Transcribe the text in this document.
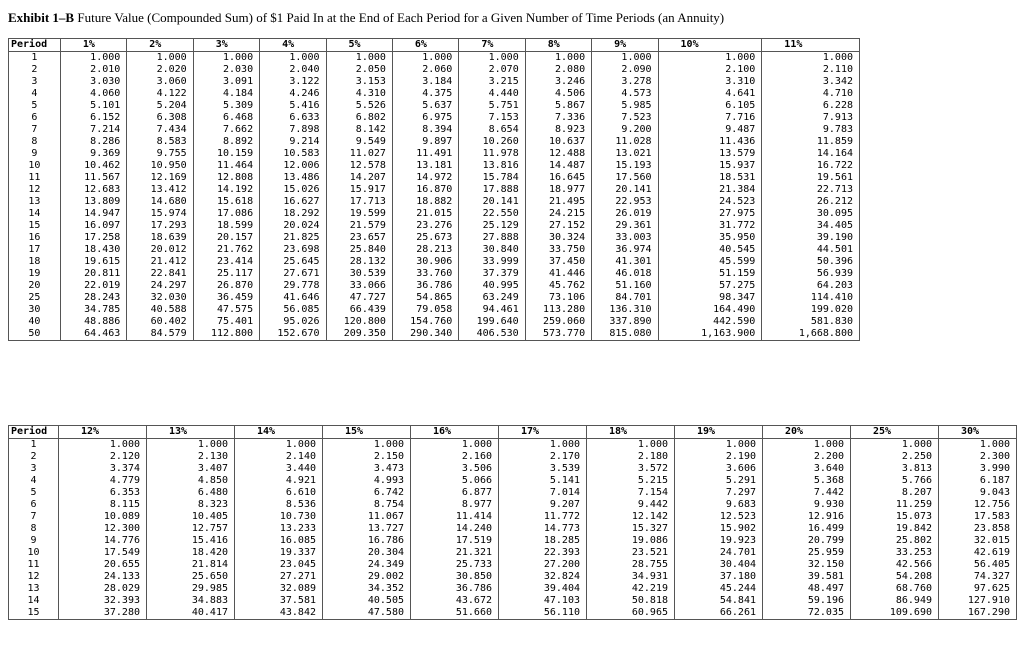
Exhibit 1–B Future Value (Compounded Sum) of $1 Paid In at the End of Each Period for a Given Number of Time Periods (an Annuity)
Period	1%	2%	3%	4%	5%	6%	7%	8%	9%	10%	11%
1	1.000	1.000	1.000	1.000	1.000	1.000	1.000	1.000	1.000	1.000	1.000
2	2.010	2.020	2.030	2.040	2.050	2.060	2.070	2.080	2.090	2.100	2.110
3	3.030	3.060	3.091	3.122	3.153	3.184	3.215	3.246	3.278	3.310	3.342
4	4.060	4.122	4.184	4.246	4.310	4.375	4.440	4.506	4.573	4.641	4.710
5	5.101	5.204	5.309	5.416	5.526	5.637	5.751	5.867	5.985	6.105	6.228
6	6.152	6.308	6.468	6.633	6.802	6.975	7.153	7.336	7.523	7.716	7.913
7	7.214	7.434	7.662	7.898	8.142	8.394	8.654	8.923	9.200	9.487	9.783
8	8.286	8.583	8.892	9.214	9.549	9.897	10.260	10.637	11.028	11.436	11.859
9	9.369	9.755	10.159	10.583	11.027	11.491	11.978	12.488	13.021	13.579	14.164
10	10.462	10.950	11.464	12.006	12.578	13.181	13.816	14.487	15.193	15.937	16.722
11	11.567	12.169	12.808	13.486	14.207	14.972	15.784	16.645	17.560	18.531	19.561
12	12.683	13.412	14.192	15.026	15.917	16.870	17.888	18.977	20.141	21.384	22.713
13	13.809	14.680	15.618	16.627	17.713	18.882	20.141	21.495	22.953	24.523	26.212
14	14.947	15.974	17.086	18.292	19.599	21.015	22.550	24.215	26.019	27.975	30.095
15	16.097	17.293	18.599	20.024	21.579	23.276	25.129	27.152	29.361	31.772	34.405
16	17.258	18.639	20.157	21.825	23.657	25.673	27.888	30.324	33.003	35.950	39.190
17	18.430	20.012	21.762	23.698	25.840	28.213	30.840	33.750	36.974	40.545	44.501
18	19.615	21.412	23.414	25.645	28.132	30.906	33.999	37.450	41.301	45.599	50.396
19	20.811	22.841	25.117	27.671	30.539	33.760	37.379	41.446	46.018	51.159	56.939
20	22.019	24.297	26.870	29.778	33.066	36.786	40.995	45.762	51.160	57.275	64.203
25	28.243	32.030	36.459	41.646	47.727	54.865	63.249	73.106	84.701	98.347	114.410
30	34.785	40.588	47.575	56.085	66.439	79.058	94.461	113.280	136.310	164.490	199.020
40	48.886	60.402	75.401	95.026	120.800	154.760	199.640	259.060	337.890	442.590	581.830
50	64.463	84.579	112.800	152.670	209.350	290.340	406.530	573.770	815.080	1,163.900	1,668.800
Period	12%	13%	14%	15%	16%	17%	18%	19%	20%	25%	30%
1	1.000	1.000	1.000	1.000	1.000	1.000	1.000	1.000	1.000	1.000	1.000
2	2.120	2.130	2.140	2.150	2.160	2.170	2.180	2.190	2.200	2.250	2.300
3	3.374	3.407	3.440	3.473	3.506	3.539	3.572	3.606	3.640	3.813	3.990
4	4.779	4.850	4.921	4.993	5.066	5.141	5.215	5.291	5.368	5.766	6.187
5	6.353	6.480	6.610	6.742	6.877	7.014	7.154	7.297	7.442	8.207	9.043
6	8.115	8.323	8.536	8.754	8.977	9.207	9.442	9.683	9.930	11.259	12.756
7	10.089	10.405	10.730	11.067	11.414	11.772	12.142	12.523	12.916	15.073	17.583
8	12.300	12.757	13.233	13.727	14.240	14.773	15.327	15.902	16.499	19.842	23.858
9	14.776	15.416	16.085	16.786	17.519	18.285	19.086	19.923	20.799	25.802	32.015
10	17.549	18.420	19.337	20.304	21.321	22.393	23.521	24.701	25.959	33.253	42.619
11	20.655	21.814	23.045	24.349	25.733	27.200	28.755	30.404	32.150	42.566	56.405
12	24.133	25.650	27.271	29.002	30.850	32.824	34.931	37.180	39.581	54.208	74.327
13	28.029	29.985	32.089	34.352	36.786	39.404	42.219	45.244	48.497	68.760	97.625
14	32.393	34.883	37.581	40.505	43.672	47.103	50.818	54.841	59.196	86.949	127.910
15	37.280	40.417	43.842	47.580	51.660	56.110	60.965	66.261	72.035	109.690	167.290
